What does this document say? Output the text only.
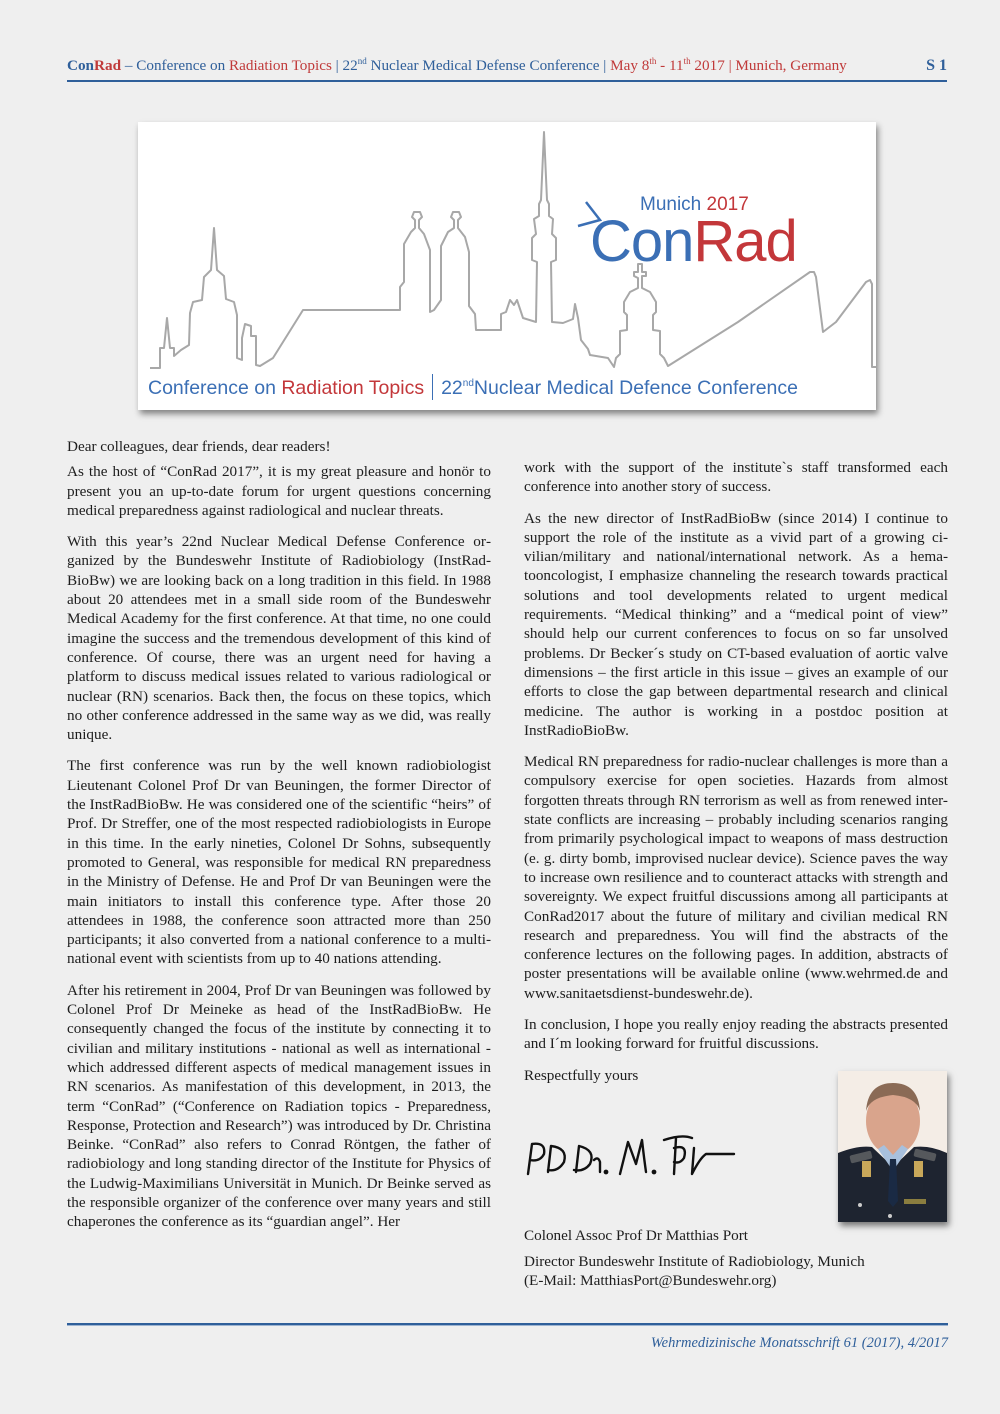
ConRad – Conference on Radiation Topics | 22nd Nuclear Medical Defense Conference | May 8th - 11th 2017 | Munich, Germany	S 1
Munich 2017
ConRad
Conference on Radiation Topics 22ndNuclear Medical Defence Conference

Dear colleagues, dear friends, dear readers!

As the host of “ConRad 2017”, it is my great pleasure and honör to present you an up-to-date forum for urgent questions concerning medical preparedness against radiological and nuclear threats.

With this year’s 22nd Nuclear Medical Defense Conference organized by the Bundeswehr Institute of Radiobiology (InstRadBioBw) we are looking back on a long tradition in this field. In 1988 about 20 attendees met in a small side room of the Bundeswehr Medical Academy for the first conference. At that time, no one could imagine the success and the tremendous development of this kind of conference. Of course, there was an urgent need for having a platform to discuss medical issues related to various radiological or nuclear (RN) scenarios. Back then, the focus on these topics, which no other conference addressed in the same way as we did, was really unique.

The first conference was run by the well known radiobiologist Lieutenant Colonel Prof Dr van Beuningen, the former Director of the InstRadBioBw. He was considered one of the scientific “heirs” of Prof. Dr Streffer, one of the most respected radiobiologists in Europe in this time. In the early nineties, Colonel Dr Sohns, subsequently promoted to General, was responsible for medical RN preparedness in the Ministry of Defense. He and Prof Dr van Beuningen were the main initiators to install this conference type. After those 20 attendees in 1988, the conference soon attracted more than 250 participants; it also converted from a national conference to a multi-national event with scientists from up to 40 nations attending.

After his retirement in 2004, Prof Dr van Beuningen was followed by Colonel Prof Dr Meineke as head of the InstRadBioBw. He consequently changed the focus of the institute by connecting it to civilian and military institutions - national as well as international - which addressed different aspects of medical management issues in RN scenarios. As manifestation of this development, in 2013, the term “ConRad” (“Conference on Radiation topics - Preparedness, Response, Protection and Research”) was introduced by Dr. Christina Beinke. “ConRad” also refers to Conrad Röntgen, the father of radiobiology and long standing director of the Institute for Physics of the Ludwig-Maximilians Universität in Munich. Dr Beinke served as the responsible organizer of the conference over many years and still chaperones the conference as its “guardian angel”. Her

work with the support of the institute`s staff transformed each conference into another story of success.

As the new director of InstRadBioBw (since 2014) I continue to support the role of the institute as a vivid part of a growing civilian/military and national/international network. As a hematooncologist, I emphasize channeling the research towards practical solutions and tool developments related to urgent medical requirements. “Medical thinking” and a “medical point of view” should help our current conferences to focus on so far unsolved problems. Dr Becker´s study on CT-based evaluation of aortic valve dimensions – the first article in this issue – gives an example of our efforts to close the gap between departmental research and clinical medicine. The author is working in a postdoc position at InstRadioBioBw.

Medical RN preparedness for radio-nuclear challenges is more than a compulsory exercise for open societies. Hazards from almost forgotten threats through RN terrorism as well as from renewed inter-state conflicts are increasing – probably including scenarios ranging from primarily psychological impact to weapons of mass destruction (e. g. dirty bomb, improvised nuclear device). Science paves the way to increase own resilience and to counteract attacks with strength and sovereignty. We expect fruitful discussions among all participants at ConRad2017 about the future of military and civilian medical RN research and preparedness. You will find the abstracts of the conference lectures on the following pages. In addition, abstracts of poster presentations will be available online (www.wehrmed.de and www.sanitaetsdienst-bundeswehr.de).

In conclusion, I hope you really enjoy reading the abstracts presented and I´m looking forward for fruitful discussions.

Respectfully yours

Colonel Assoc Prof Dr Matthias Port
Director Bundeswehr Institute of Radiobiology, Munich
(E-Mail: MatthiasPort@Bundeswehr.org)
Wehrmedizinische Monatsschrift 61 (2017), 4/2017
